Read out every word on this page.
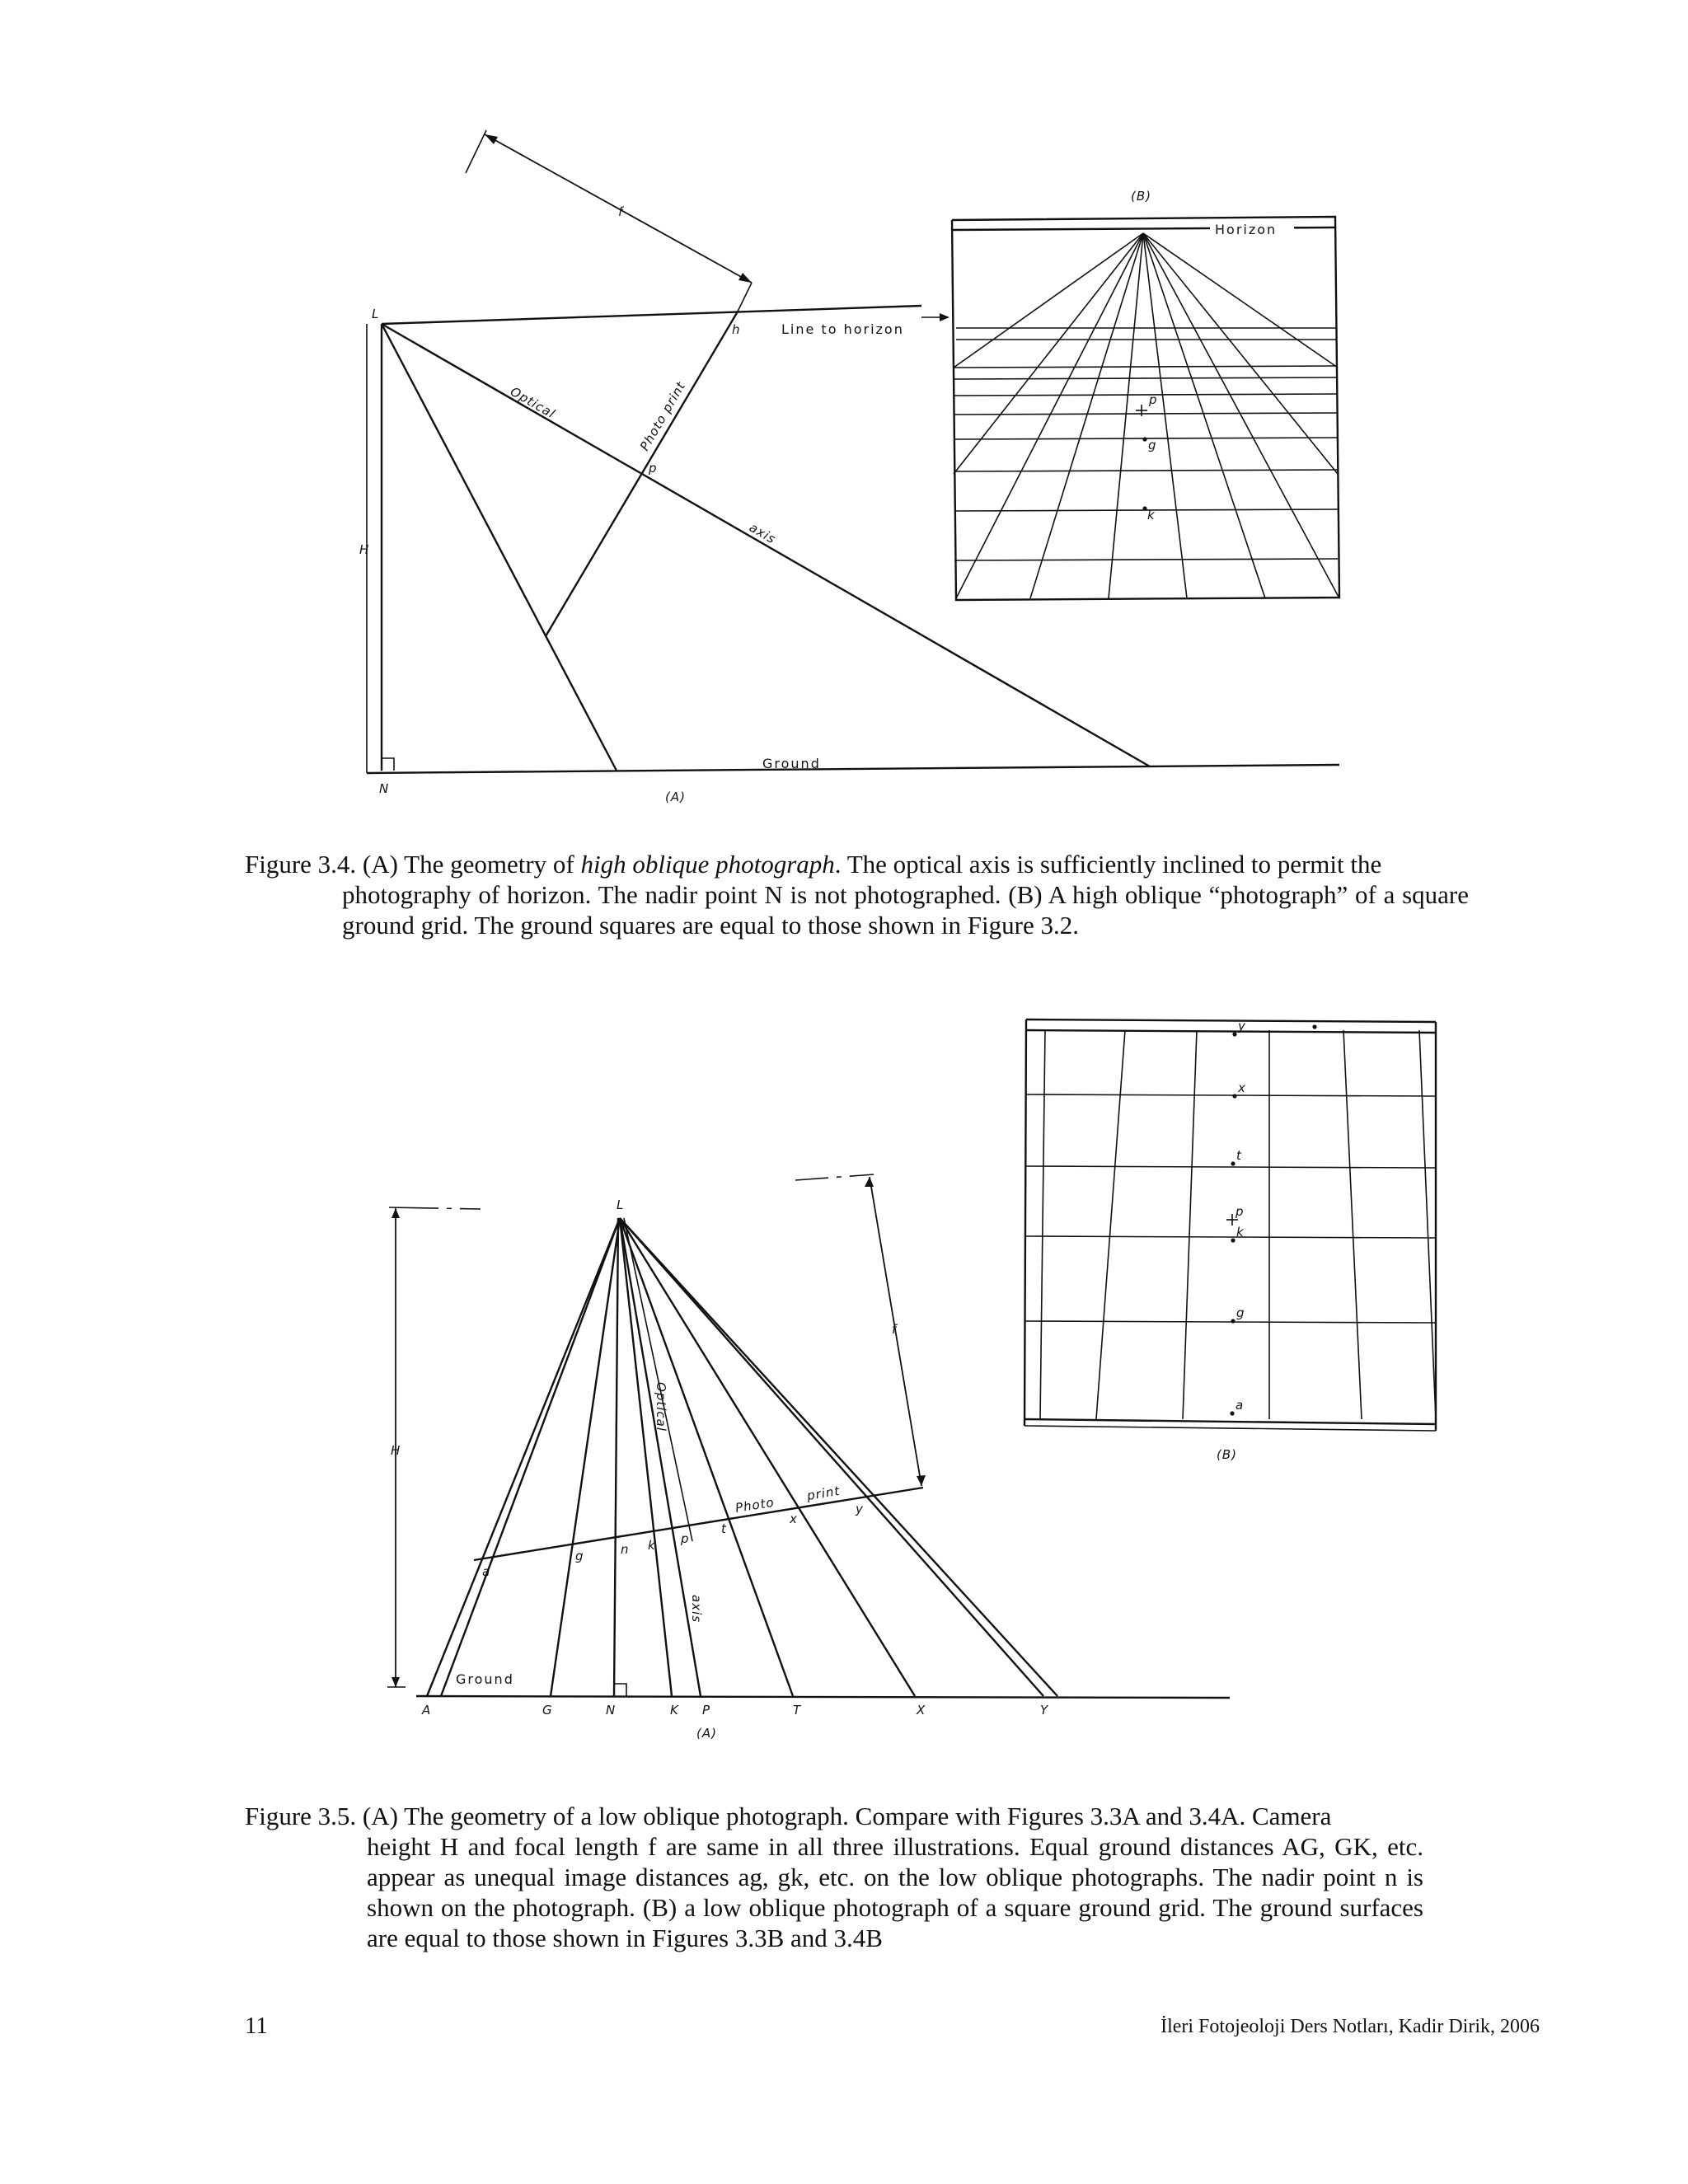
L
N
H
f
h
p
Line to horizon
Optical
axis
Photo print
Ground
(A)
(B)
Horizon
p
g
k
Figure 3.4. (A) The geometry of high oblique photograph. The optical axis is sufficiently inclined to permit the
photography of horizon. The nadir point N is not photographed. (B) A high oblique “photograph” of a square ground grid. The ground squares are equal to those shown in Figure 3.2.
L
H
f
Optical
axis
Photo
print
Ground
(A)
a
g	n k p
t
x
y
A	G	N	K P	T	X	Y
y
x
t
p
k
g
a
(B)
Figure 3.5. (A) The geometry of a low oblique photograph. Compare with Figures 3.3A and 3.4A. Camera
height H and focal length f are same in all three illustrations. Equal ground distances AG, GK, etc. appear as unequal image distances ag, gk, etc. on the low oblique photographs. The nadir point n is shown on the photograph. (B) a low oblique photograph of a square ground grid. The ground surfaces are equal to those shown in Figures 3.3B and 3.4B
11	İleri Fotojeoloji Ders Notları, Kadir Dirik, 2006
